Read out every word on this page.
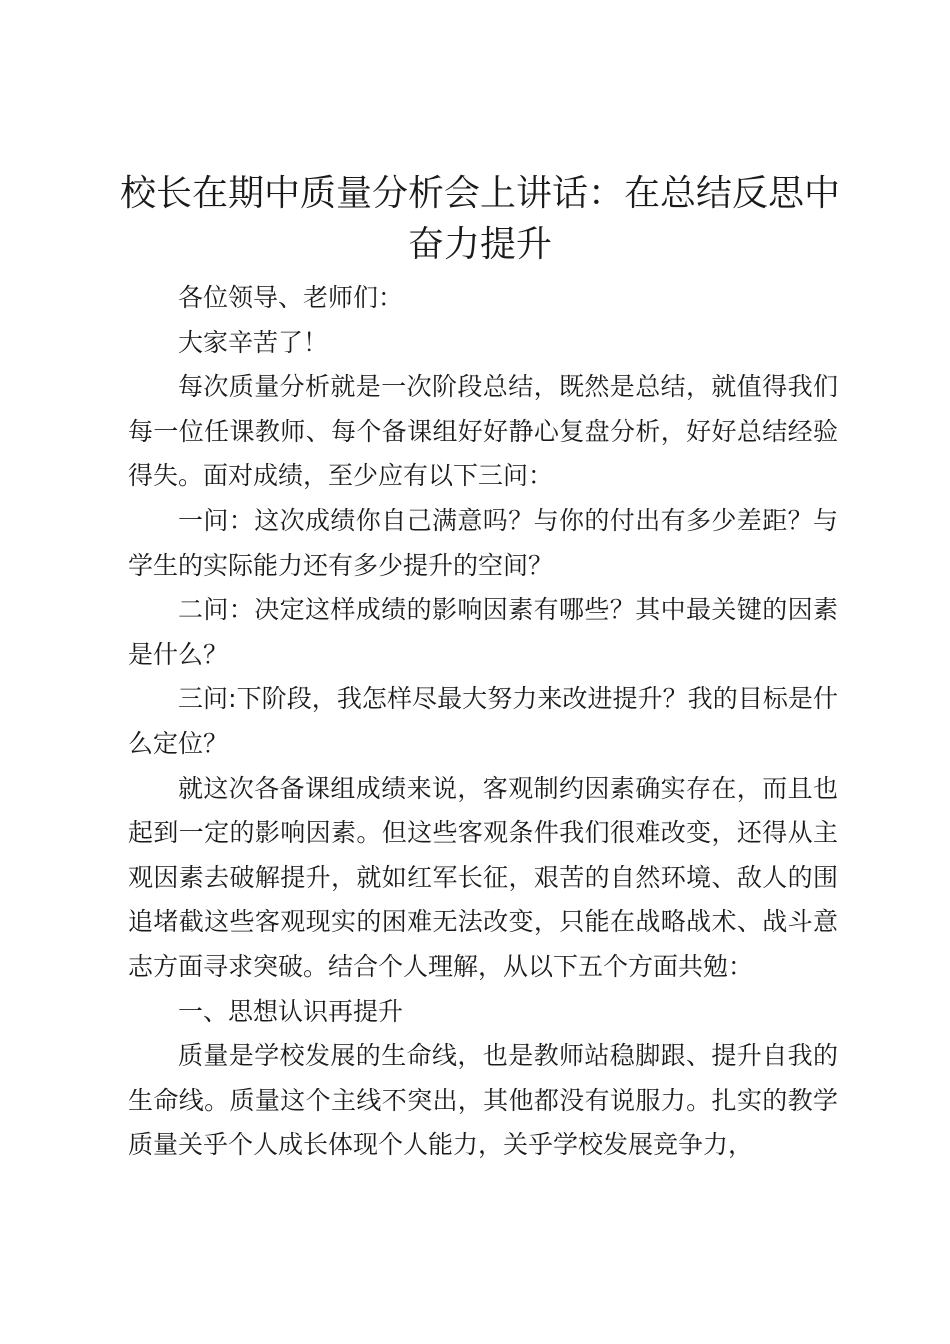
校长在期中质量分析会上讲话：在总结反思中奋力提升

各位领导、老师们：

大家辛苦了！

每次质量分析就是一次阶段总结，既然是总结，就值得我们每一位任课教师、每个备课组好好静心复盘分析，好好总结经验得失。面对成绩，至少应有以下三问：

一问：这次成绩你自己满意吗？与你的付出有多少差距？与学生的实际能力还有多少提升的空间？

二问：决定这样成绩的影响因素有哪些？其中最关键的因素是什么？

三问:下阶段，我怎样尽最大努力来改进提升？我的目标是什么定位？

就这次各备课组成绩来说，客观制约因素确实存在，而且也起到一定的影响因素。但这些客观条件我们很难改变，还得从主观因素去破解提升，就如红军长征，艰苦的自然环境、敌人的围追堵截这些客观现实的困难无法改变，只能在战略战术、战斗意志方面寻求突破。结合个人理解，从以下五个方面共勉：

一、思想认识再提升

质量是学校发展的生命线，也是教师站稳脚跟、提升自我的生命线。质量这个主线不突出，其他都没有说服力。扎实的教学质量关乎个人成长体现个人能力，关乎学校发展竞争力，
